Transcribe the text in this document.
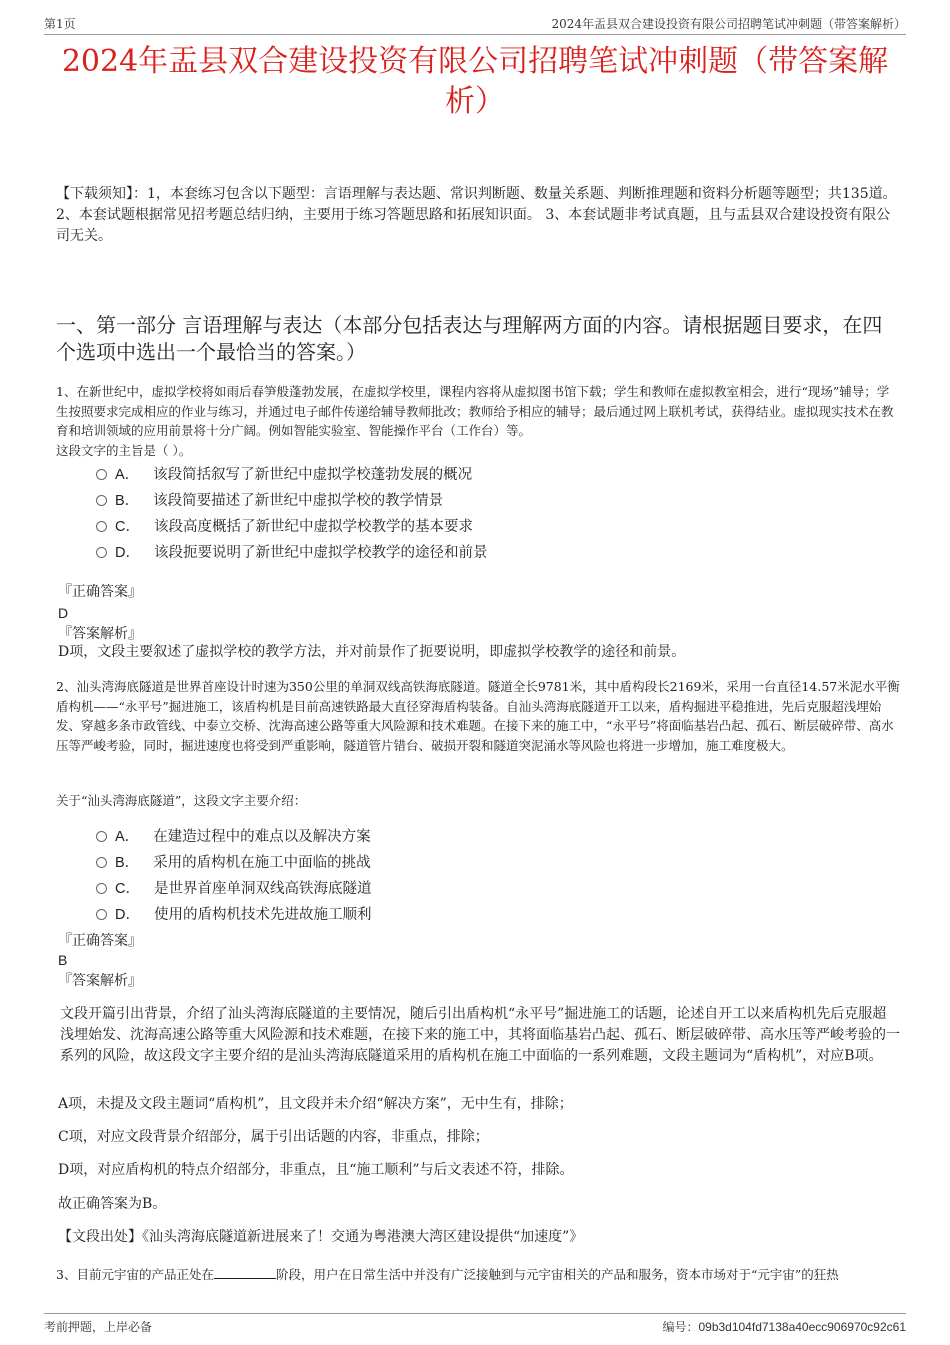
第1页	2024年盂县双合建设投资有限公司招聘笔试冲刺题（带答案解析）
2024年盂县双合建设投资有限公司招聘笔试冲刺题（带答案解析）

【下载须知】：1，本套练习包含以下题型：言语理解与表达题、常识判断题、数量关系题、判断推理题和资料分析题等题型；共135道。 2、本套试题根据常见招考题总结归纳，主要用于练习答题思路和拓展知识面。 3、本套试题非考试真题，且与盂县双合建设投资有限公司无关。

一、第一部分 言语理解与表达（本部分包括表达与理解两方面的内容。请根据题目要求，在四个选项中选出一个最恰当的答案。）

1、在新世纪中，虚拟学校将如雨后春笋般蓬勃发展，在虚拟学校里，课程内容将从虚拟图书馆下载；学生和教师在虚拟教室相会，进行“现场”辅导；学生按照要求完成相应的作业与练习，并通过电子邮件传递给辅导教师批改；教师给予相应的辅导；最后通过网上联机考试，获得结业。虚拟现实技术在教育和培训领域的应用前景将十分广阔。例如智能实验室、智能操作平台（工作台）等。

这段文字的主旨是（ ）。

A． 该段简括叙写了新世纪中虚拟学校蓬勃发展的概况
B． 该段简要描述了新世纪中虚拟学校的教学情景
C． 该段高度概括了新世纪中虚拟学校教学的基本要求
D． 该段扼要说明了新世纪中虚拟学校教学的途径和前景

『正确答案』

D

『答案解析』

D项，文段主要叙述了虚拟学校的教学方法，并对前景作了扼要说明，即虚拟学校教学的途径和前景。

2、汕头湾海底隧道是世界首座设计时速为350公里的单洞双线高铁海底隧道。隧道全长9781米，其中盾构段长2169米，采用一台直径14.57米泥水平衡盾构机——“永平号”掘进施工，该盾构机是目前高速铁路最大直径穿海盾构装备。自汕头湾海底隧道开工以来，盾构掘进平稳推进，先后克服超浅埋始发、穿越多条市政管线、中泰立交桥、沈海高速公路等重大风险源和技术难题。在接下来的施工中，“永平号”将面临基岩凸起、孤石、断层破碎带、高水压等严峻考验，同时，掘进速度也将受到严重影响，隧道管片错台、破损开裂和隧道突泥涌水等风险也将进一步增加，施工难度极大。

关于“汕头湾海底隧道”，这段文字主要介绍：

A． 在建造过程中的难点以及解决方案
B． 采用的盾构机在施工中面临的挑战
C． 是世界首座单洞双线高铁海底隧道
D． 使用的盾构机技术先进故施工顺利

『正确答案』

B

『答案解析』

文段开篇引出背景，介绍了汕头湾海底隧道的主要情况，随后引出盾构机“永平号”掘进施工的话题，论述自开工以来盾构机先后克服超浅埋始发、沈海高速公路等重大风险源和技术难题，在接下来的施工中，其将面临基岩凸起、孤石、断层破碎带、高水压等严峻考验的一系列的风险，故这段文字主要介绍的是汕头湾海底隧道采用的盾构机在施工中面临的一系列难题，文段主题词为“盾构机”，对应B项。

A项，未提及文段主题词“盾构机”，且文段并未介绍“解决方案”，无中生有，排除；

C项，对应文段背景介绍部分，属于引出话题的内容，非重点，排除；

D项，对应盾构机的特点介绍部分，非重点，且“施工顺利”与后文表述不符，排除。

故正确答案为B。

【文段出处】《汕头湾海底隧道新进展来了！交通为粤港澳大湾区建设提供“加速度”》

3、目前元宇宙的产品正处在	阶段，用户在日常生活中并没有广泛接触到与元宇宙相关的产品和服务，资本市场对于“元宇宙”的狂热

考前押题，上岸必备	编号：09b3d104fd7138a40ecc906970c92c61
